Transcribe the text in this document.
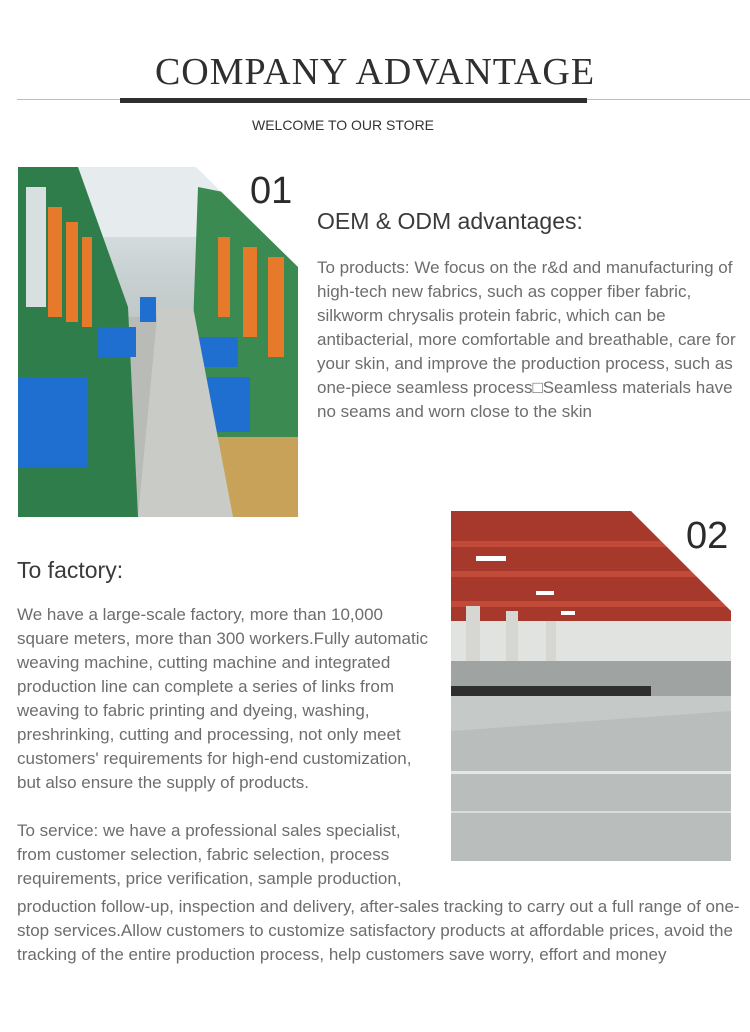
COMPANY ADVANTAGE
WELCOME TO OUR STORE
01
OEM & ODM advantages:

To products: We focus on the r&d and manufacturing of high-tech new fabrics, such as copper fiber fabric, silkworm chrysalis protein fabric, which can be antibacterial, more comfortable and breathable, care for your skin, and improve the production process, such as one-piece seamless process□Seamless materials have no seams and worn close to the skin

02
To factory:

We have a large-scale factory, more than 10,000 square meters, more than 300 workers.Fully automatic weaving machine, cutting machine and integrated production line can complete a series of links from weaving to fabric printing and dyeing, washing, preshrinking, cutting and processing, not only meet customers' requirements for high-end customization, but also ensure the supply of products.

To service: we have a professional sales specialist, from customer selection, fabric selection, process requirements, price verification, sample production,

production follow-up, inspection and delivery, after-sales tracking to carry out a full range of one-stop services.Allow customers to customize satisfactory products at affordable prices, avoid the tracking of the entire production process, help customers save worry, effort and money
